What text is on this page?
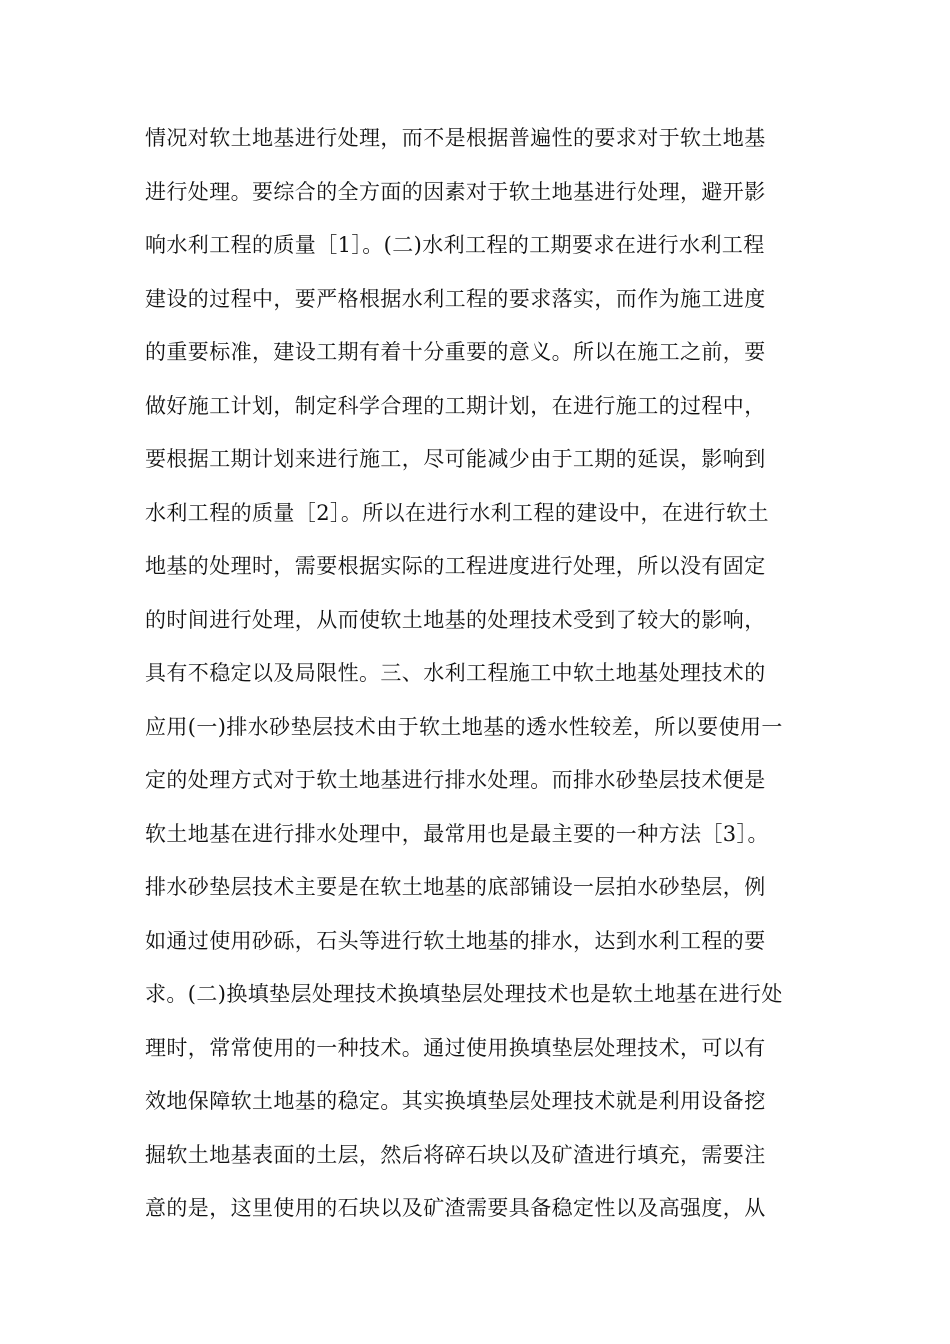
情况对软土地基进行处理，而不是根据普遍性的要求对于软土地基
进行处理。要综合的全方面的因素对于软土地基进行处理，避开影
响水利工程的质量［1］。(二)水利工程的工期要求在进行水利工程
建设的过程中，要严格根据水利工程的要求落实，而作为施工进度
的重要标准，建设工期有着十分重要的意义。所以在施工之前，要
做好施工计划，制定科学合理的工期计划，在进行施工的过程中，
要根据工期计划来进行施工，尽可能减少由于工期的延误，影响到
水利工程的质量［2］。所以在进行水利工程的建设中，在进行软土
地基的处理时，需要根据实际的工程进度进行处理，所以没有固定
的时间进行处理，从而使软土地基的处理技术受到了较大的影响，
具有不稳定以及局限性。三、水利工程施工中软土地基处理技术的
应用(一)排水砂垫层技术由于软土地基的透水性较差，所以要使用一
定的处理方式对于软土地基进行排水处理。而排水砂垫层技术便是
软土地基在进行排水处理中，最常用也是最主要的一种方法［3］。
排水砂垫层技术主要是在软土地基的底部铺设一层拍水砂垫层，例
如通过使用砂砾，石头等进行软土地基的排水，达到水利工程的要
求。(二)换填垫层处理技术换填垫层处理技术也是软土地基在进行处
理时，常常使用的一种技术。通过使用换填垫层处理技术，可以有
效地保障软土地基的稳定。其实换填垫层处理技术就是利用设备挖
掘软土地基表面的土层，然后将碎石块以及矿渣进行填充，需要注
意的是，这里使用的石块以及矿渣需要具备稳定性以及高强度，从
